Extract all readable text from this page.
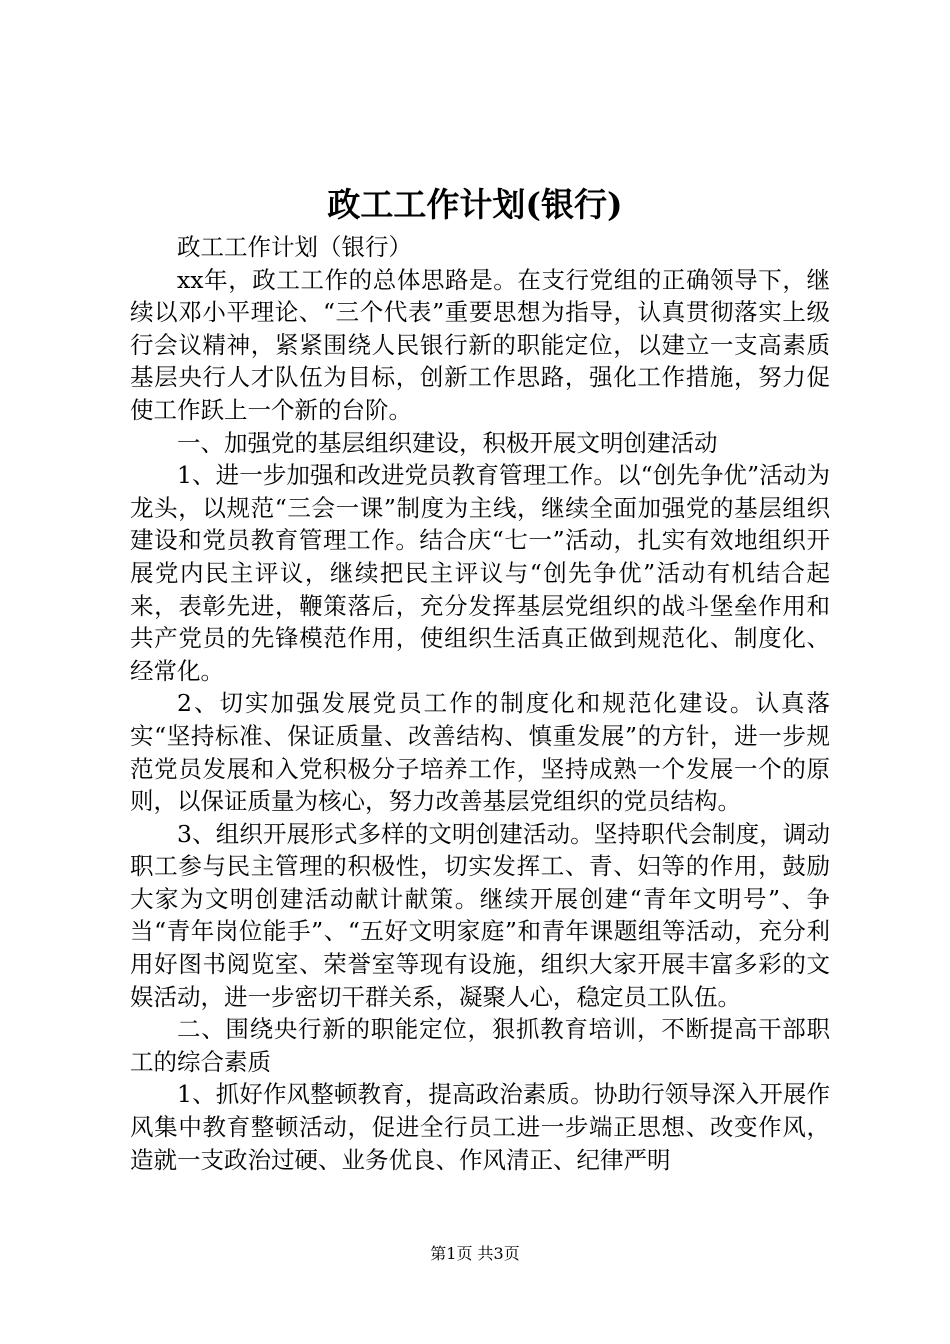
政工工作计划(银行)

政工工作计划（银行）

xx年，政工工作的总体思路是。在支行党组的正确领导下，继续以邓小平理论、“三个代表”重要思想为指导，认真贯彻落实上级行会议精神，紧紧围绕人民银行新的职能定位，以建立一支高素质基层央行人才队伍为目标，创新工作思路，强化工作措施，努力促使工作跃上一个新的台阶。

一、加强党的基层组织建设，积极开展文明创建活动

1、进一步加强和改进党员教育管理工作。以“创先争优”活动为龙头，以规范“三会一课”制度为主线，继续全面加强党的基层组织建设和党员教育管理工作。结合庆“七一”活动，扎实有效地组织开展党内民主评议，继续把民主评议与“创先争优”活动有机结合起来，表彰先进，鞭策落后，充分发挥基层党组织的战斗堡垒作用和共产党员的先锋模范作用，使组织生活真正做到规范化、制度化、经常化。

2、切实加强发展党员工作的制度化和规范化建设。认真落实“坚持标准、保证质量、改善结构、慎重发展”的方针，进一步规范党员发展和入党积极分子培养工作，坚持成熟一个发展一个的原则，以保证质量为核心，努力改善基层党组织的党员结构。

3、组织开展形式多样的文明创建活动。坚持职代会制度，调动职工参与民主管理的积极性，切实发挥工、青、妇等的作用，鼓励大家为文明创建活动献计献策。继续开展创建“青年文明号”、争当“青年岗位能手”、“五好文明家庭”和青年课题组等活动，充分利用好图书阅览室、荣誉室等现有设施，组织大家开展丰富多彩的文娱活动，进一步密切干群关系，凝聚人心，稳定员工队伍。

二、围绕央行新的职能定位，狠抓教育培训，不断提高干部职工的综合素质

1、抓好作风整顿教育，提高政治素质。协助行领导深入开展作风集中教育整顿活动，促进全行员工进一步端正思想、改变作风，造就一支政治过硬、业务优良、作风清正、纪律严明

第1页 共3页
